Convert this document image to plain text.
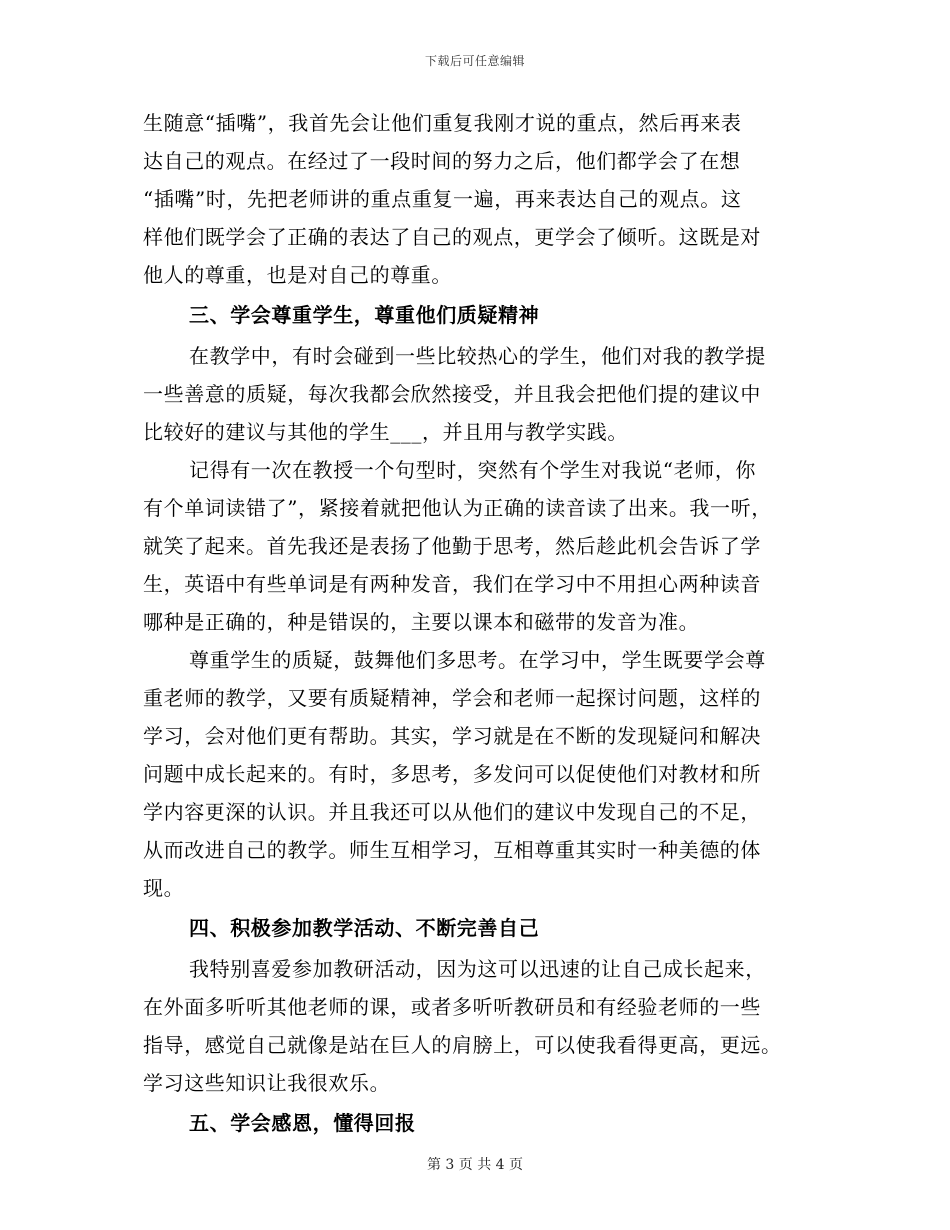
下载后可任意编辑
生随意“插嘴”，我首先会让他们重复我刚才说的重点，然后再来表
达自己的观点。在经过了一段时间的努力之后，他们都学会了在想
“插嘴”时，先把老师讲的重点重复一遍，再来表达自己的观点。这
样他们既学会了正确的表达了自己的观点，更学会了倾听。这既是对
他人的尊重，也是对自己的尊重。
三、学会尊重学生，尊重他们质疑精神
在教学中，有时会碰到一些比较热心的学生，他们对我的教学提
一些善意的质疑，每次我都会欣然接受，并且我会把他们提的建议中
比较好的建议与其他的学生___，并且用与教学实践。
记得有一次在教授一个句型时，突然有个学生对我说“老师，你
有个单词读错了”，紧接着就把他认为正确的读音读了出来。我一听，
就笑了起来。首先我还是表扬了他勤于思考，然后趁此机会告诉了学
生，英语中有些单词是有两种发音，我们在学习中不用担心两种读音
哪种是正确的，种是错误的，主要以课本和磁带的发音为准。
尊重学生的质疑，鼓舞他们多思考。在学习中，学生既要学会尊
重老师的教学，又要有质疑精神，学会和老师一起探讨问题，这样的
学习，会对他们更有帮助。其实，学习就是在不断的发现疑问和解决
问题中成长起来的。有时，多思考，多发问可以促使他们对教材和所
学内容更深的认识。并且我还可以从他们的建议中发现自己的不足，
从而改进自己的教学。师生互相学习，互相尊重其实时一种美德的体
现。
四、积极参加教学活动、不断完善自己
我特别喜爱参加教研活动，因为这可以迅速的让自己成长起来，
在外面多听听其他老师的课，或者多听听教研员和有经验老师的一些
指导，感觉自己就像是站在巨人的肩膀上，可以使我看得更高，更远。
学习这些知识让我很欢乐。
五、学会感恩，懂得回报
第 3 页 共 4 页
